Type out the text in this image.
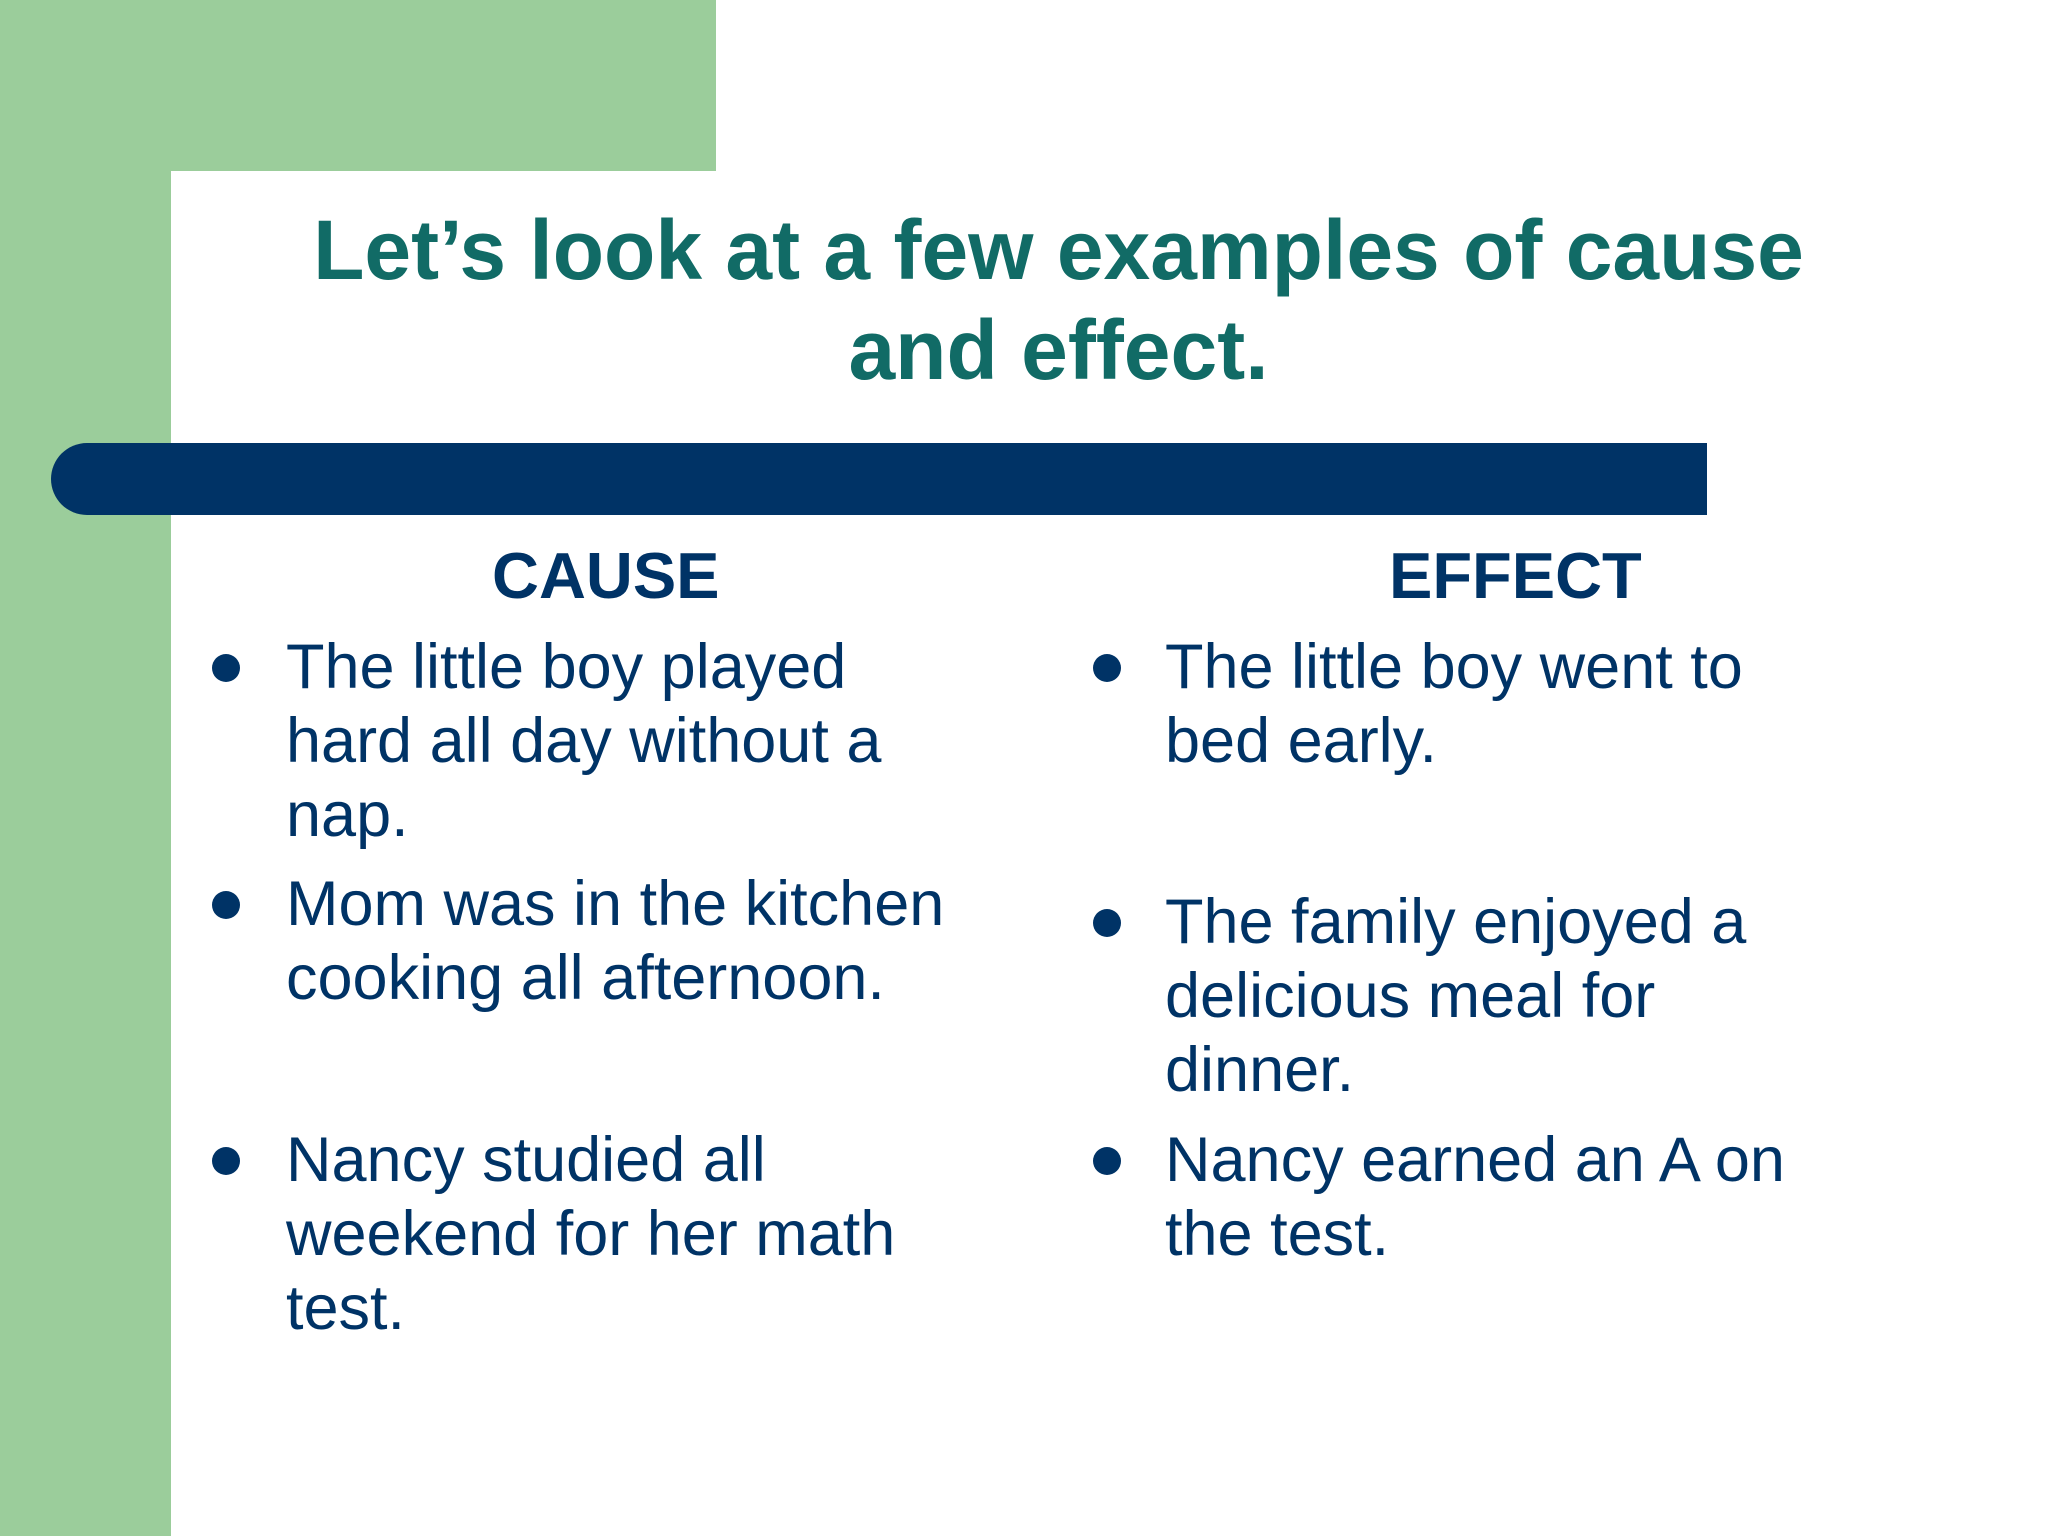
Let’s look at a few examples of cause
and effect.
CAUSE	EFFECT
The little boy played
hard all day without a
nap.
Mom was in the kitchen
cooking all afternoon.
Nancy studied all
weekend for her math
test.
The little boy went to
bed early.
The family enjoyed a
delicious meal for
dinner.
Nancy earned an A on
the test.
